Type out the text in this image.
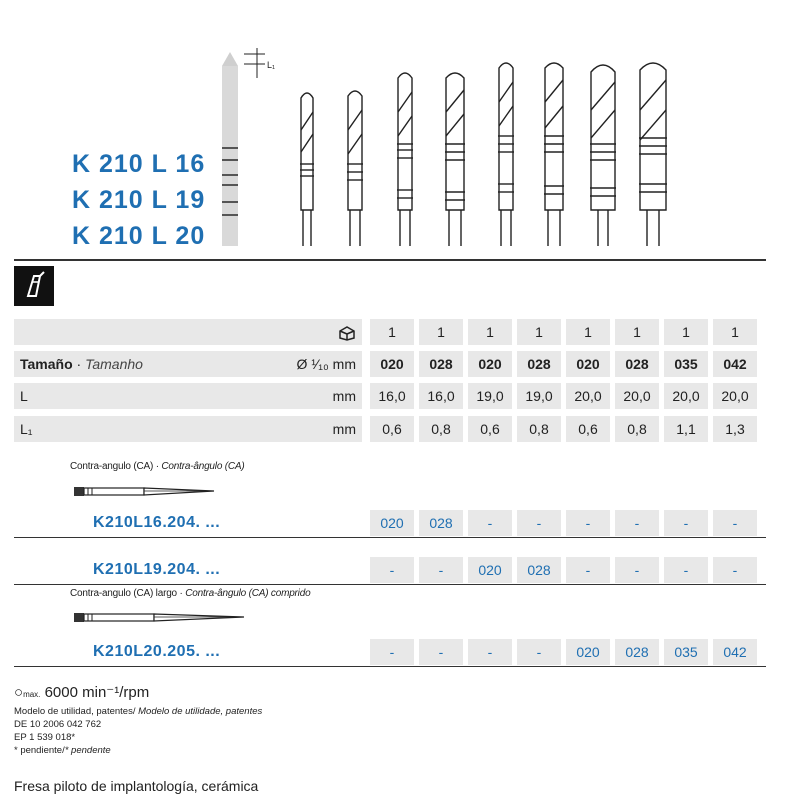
K 210 L 16
K 210 L 19
K 210 L 20
L₁
1	1	1	1	1	1	1	1
Tamaño · Tamanho	Ø ¹⁄₁₀ mm	020	028	020	028	020	028	035	042
L	mm	16,0	16,0	19,0	19,0	20,0	20,0	20,0	20,0
L₁	mm	0,6	0,8	0,6	0,8	0,6	0,8	1,1	1,3
Contra-angulo (CA) · Contra-ângulo (CA)
K210L16.204. ...	020	028	-	-	-	-	-	-
K210L19.204. ...	-	-	020	028	-	-	-	-
Contra-angulo (CA) largo · Contra-ângulo (CA) comprido
K210L20.205. ...	-	-	-	-	020	028	035	042
○max. 6000 min⁻¹/rpm
Modelo de utilidad, patentes/ Modelo de utilidade, patentes
DE 10 2006 042 762
EP 1 539 018*
* pendiente/* pendente
Fresa piloto de implantología, cerámica
